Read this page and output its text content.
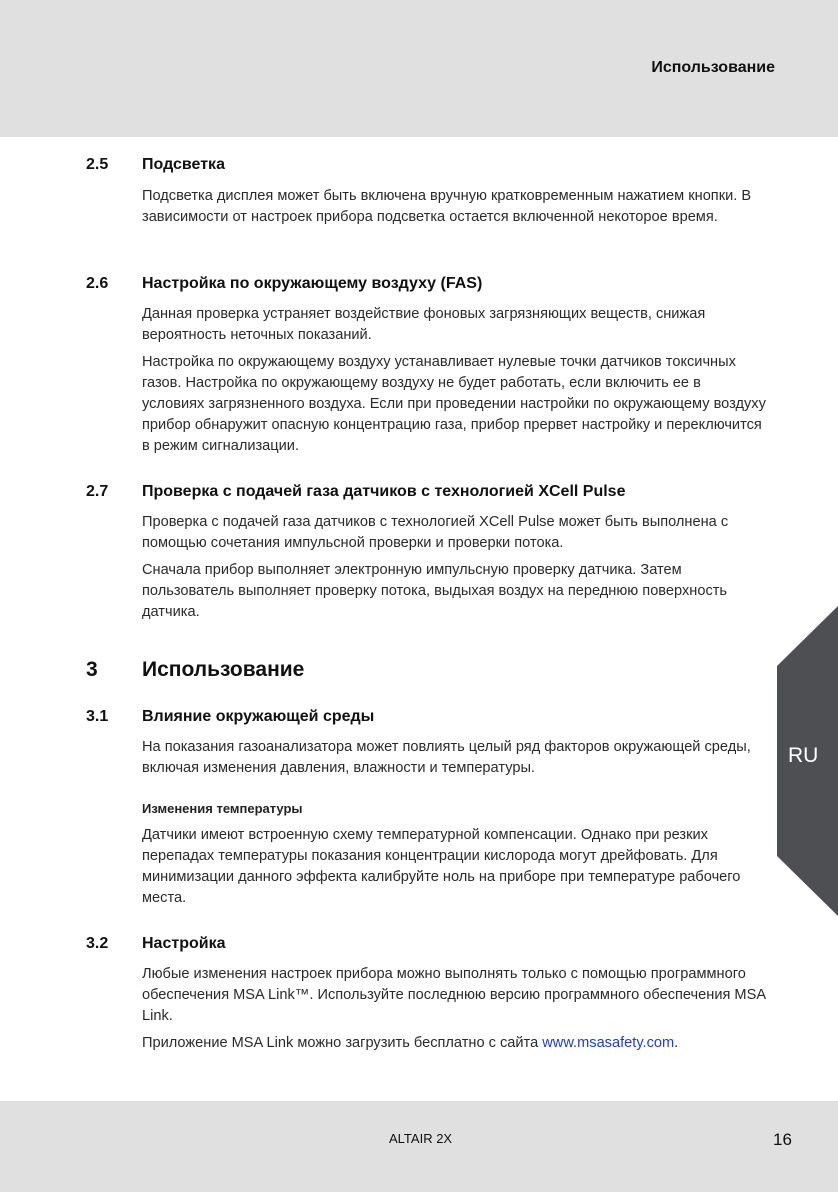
Использование
2.5 Подсветка

Подсветка дисплея может быть включена вручную кратковременным нажатием кнопки. В зависимости от настроек прибора подсветка остается включенной некоторое время.

2.6 Настройка по окружающему воздуху (FAS)

Данная проверка устраняет воздействие фоновых загрязняющих веществ, снижая вероятность неточных показаний.

Настройка по окружающему воздуху устанавливает нулевые точки датчиков токсичных газов. Настройка по окружающему воздуху не будет работать, если включить ее в условиях загрязненного воздуха. Если при проведении настройки по окружающему воздуху прибор обнаружит опасную концентрацию газа, прибор прервет настройку и переключится в режим сигнализации.

2.7 Проверка с подачей газа датчиков с технологией XCell Pulse

Проверка с подачей газа датчиков с технологией XCell Pulse может быть выполнена с помощью сочетания импульсной проверки и проверки потока.

Сначала прибор выполняет электронную импульсную проверку датчика. Затем пользователь выполняет проверку потока, выдыхая воздух на переднюю поверхность датчика.

3 Использование
3.1 Влияние окружающей среды

На показания газоанализатора может повлиять целый ряд факторов окружающей среды, включая изменения давления, влажности и температуры.

Изменения температуры

Датчики имеют встроенную схему температурной компенсации. Однако при резких перепадах температуры показания концентрации кислорода могут дрейфовать. Для минимизации данного эффекта калибруйте ноль на приборе при температуре рабочего места.

3.2 Настройка

Любые изменения настроек прибора можно выполнять только с помощью программного обеспечения MSA Link™. Используйте последнюю версию программного обеспечения MSA Link.

Приложение MSA Link можно загрузить бесплатно с сайта www.msasafety.com.

RU
ALTAIR 2X	16
